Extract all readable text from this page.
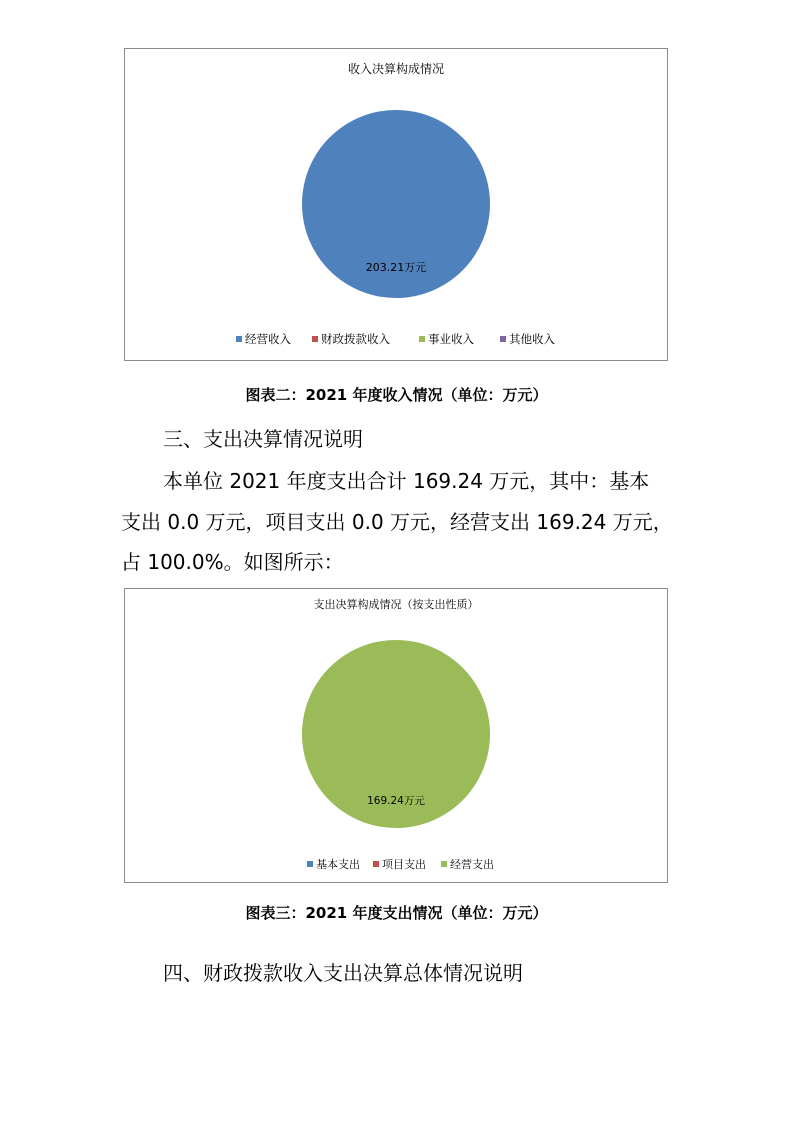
收入决算构成情况
203.21万元
经营收入	财政拨款收入	事业收入	其他收入
图表二：2021 年度收入情况（单位：万元）
三、支出决算情况说明
本单位 2021 年度支出合计 169.24 万元，其中：基本
支出 0.0 万元，项目支出 0.0 万元，经营支出 169.24 万元，
占 100.0%。如图所示：
支出决算构成情况（按支出性质）
169.24万元
基本支出 项目支出 经营支出
图表三：2021 年度支出情况（单位：万元）
四、财政拨款收入支出决算总体情况说明
